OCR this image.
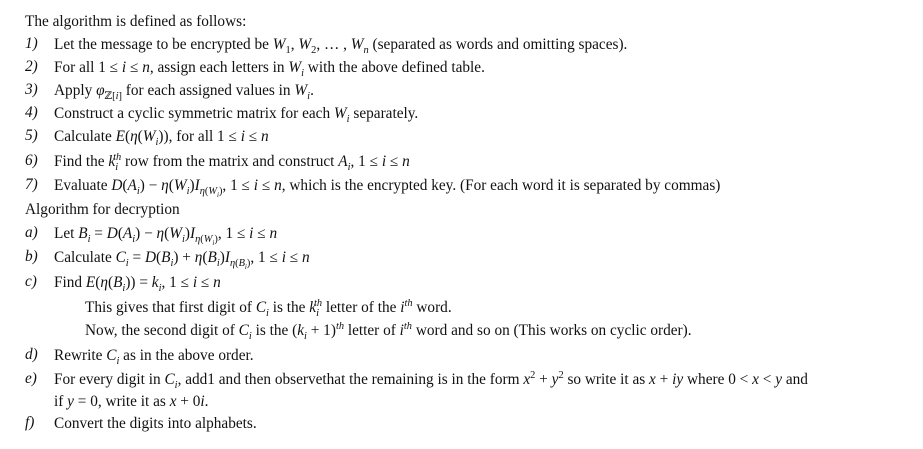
The algorithm is defined as follows:
1) Let the message to be encrypted be $W_1$, $W_2$, … , $W_n$ (separated as words and omitting spaces).
2) For all 1 ≤ i ≤ n, assign each letters in $W_i$ with the above defined table.
3) Apply $\varphi_{ℤ[i]}$ for each assigned values in $W_i$.
4) Construct a cyclic symmetric matrix for each $W_i$ separately.
5) Calculate $E(\eta(W_i))$, for all 1 ≤ i ≤ n
6) Find the $k_i^{th}$ row from the matrix and construct $A_i$, 1 ≤ i ≤ n
7) Evaluate $D(A_i) - \eta(W_i)I_{\eta(W_i)}$, 1 ≤ i ≤ n, which is the encrypted key. (For each word it is separated by commas)
Algorithm for decryption
a) Let $B_i = D(A_i) - \eta(W_i)I_{\eta(W_i)}$, 1 ≤ i ≤ n
b) Calculate $C_i = D(B_i) + \eta(B_i)I_{\eta(B_i)}$, 1 ≤ i ≤ n
c) Find $E(\eta(B_i)) = k_i$, 1 ≤ i ≤ n
This gives that first digit of $C_i$ is the $k_i^{th}$ letter of the $i^{th}$ word.
Now, the second digit of $C_i$ is the $(k_i + 1)^{th}$ letter of $i^{th}$ word and so on (This works on cyclic order).
d) Rewrite $C_i$ as in the above order.
e) For every digit in $C_i$, add1 and then observethat the remaining is in the form $x^2 + y^2$ so write it as x + iy where 0 < x < y and
if y = 0, write it as x + 0i.
f) Convert the digits into alphabets.
